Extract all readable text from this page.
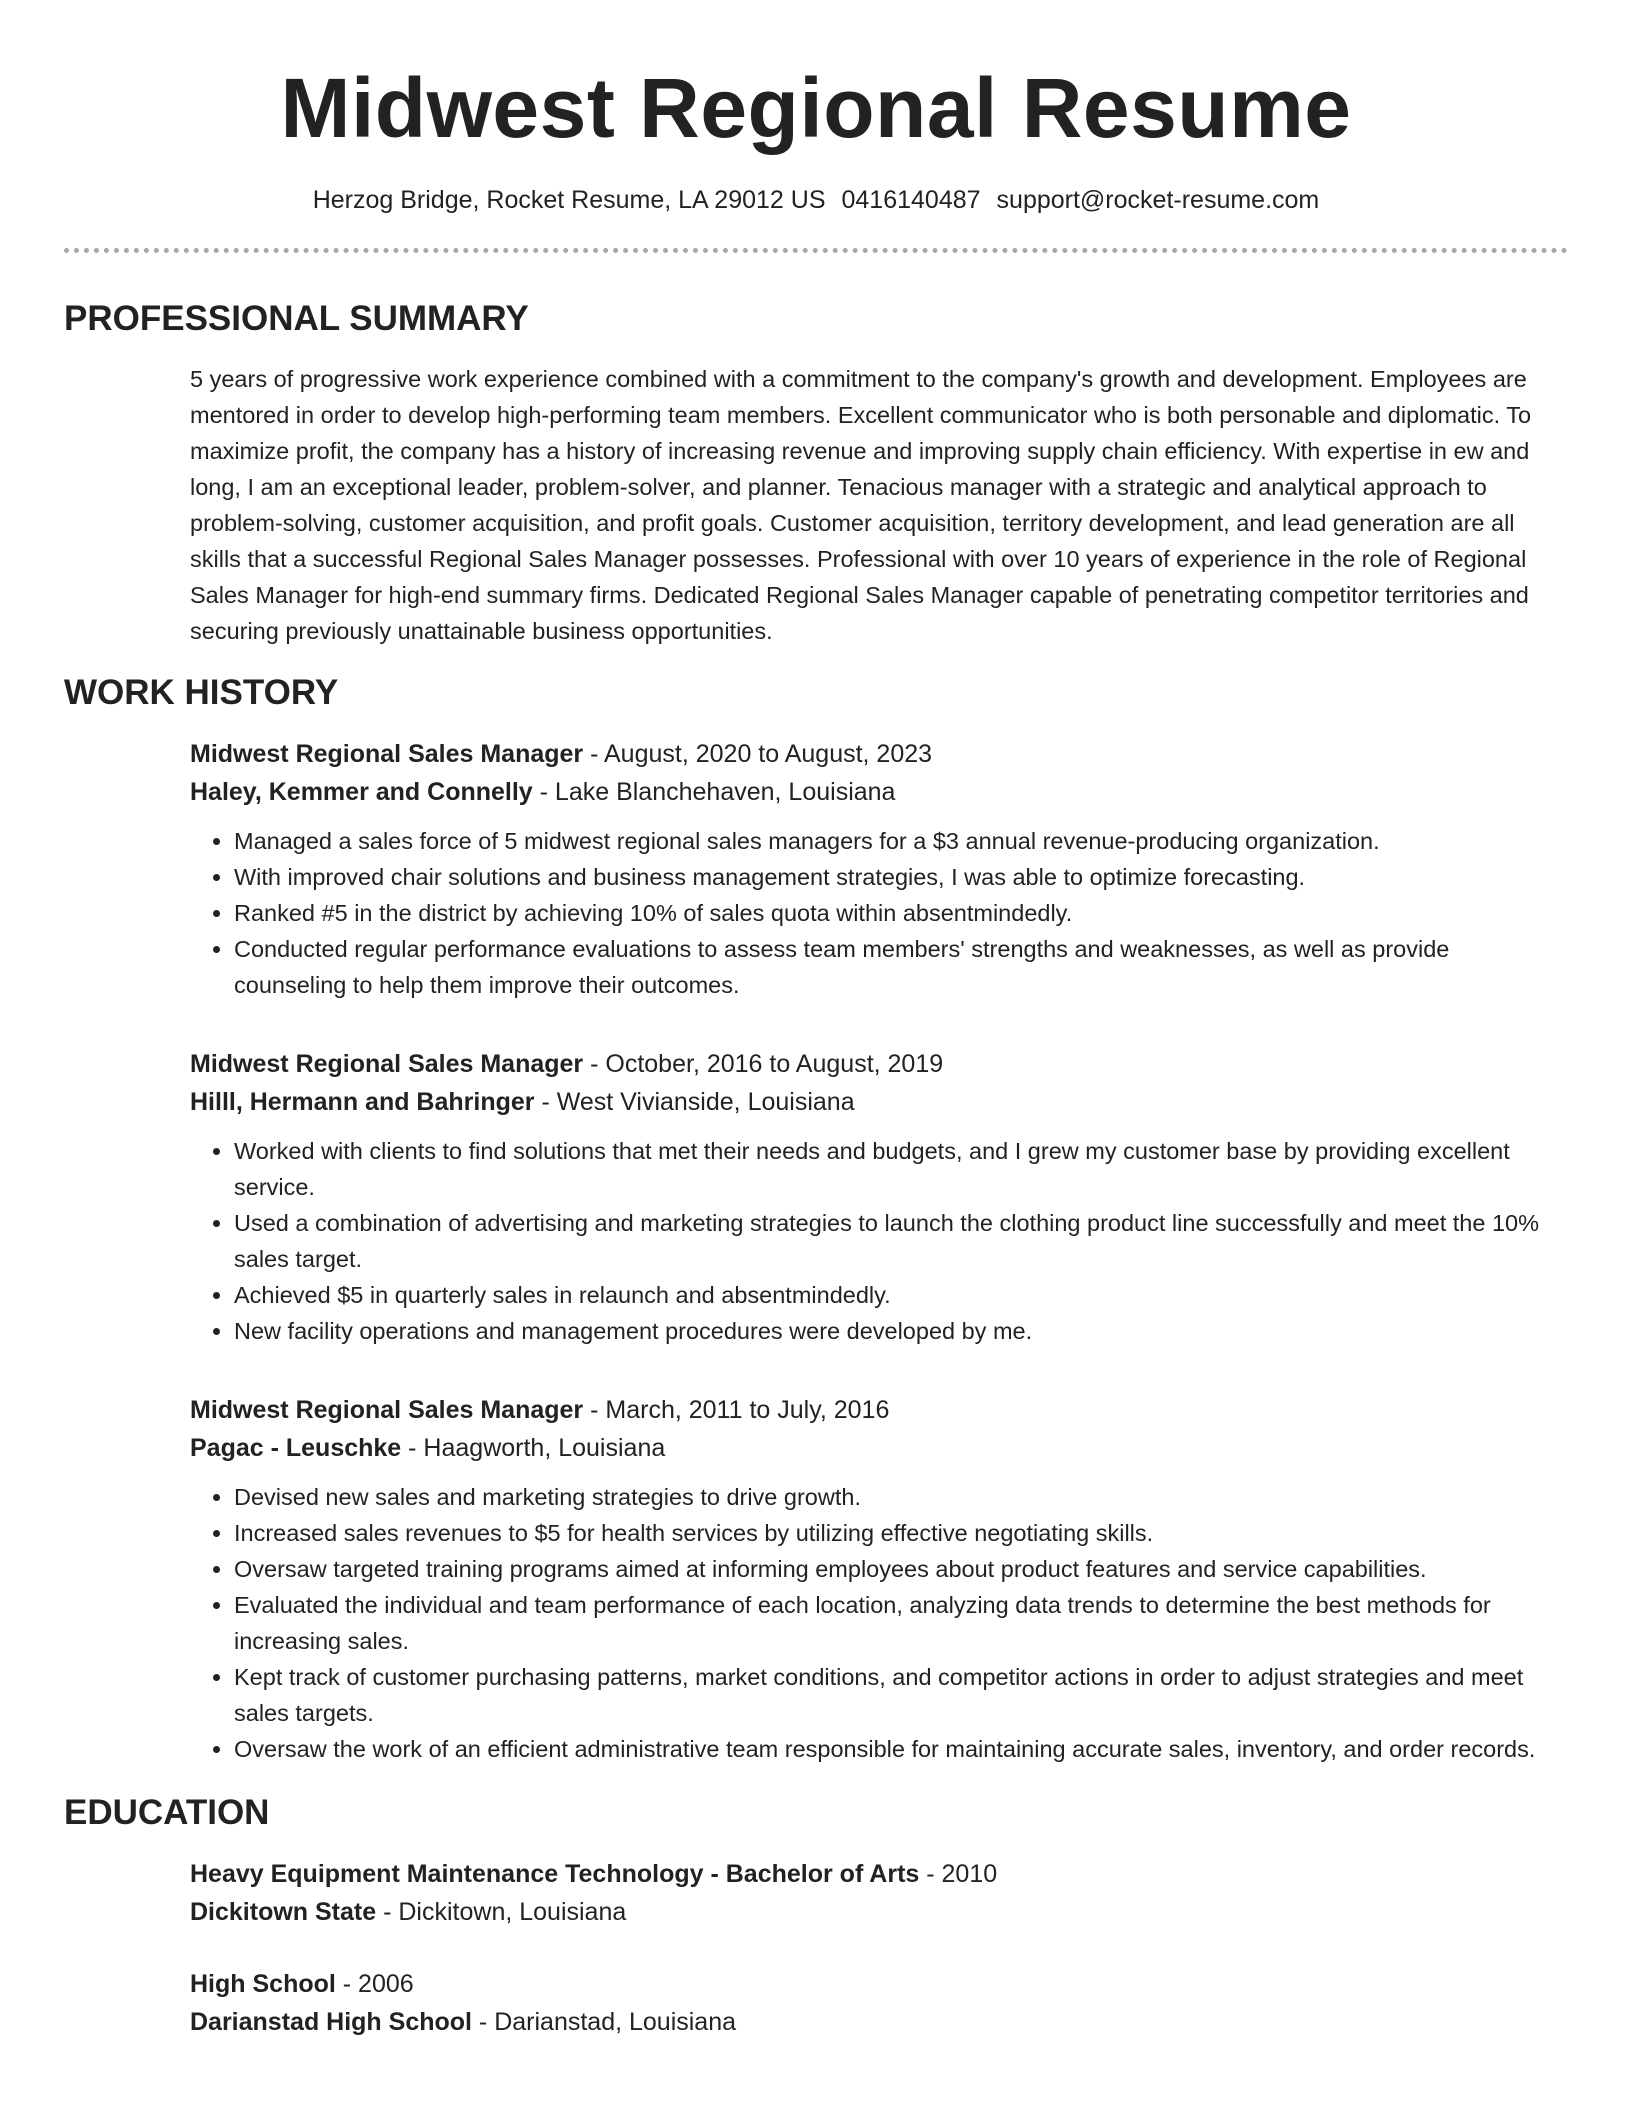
Midwest Regional Resume
Herzog Bridge, Rocket Resume, LA 29012 US 0416140487 support@rocket-resume.com
PROFESSIONAL SUMMARY

5 years of progressive work experience combined with a commitment to the company's growth and development. Employees are mentored in order to develop high-performing team members. Excellent communicator who is both personable and diplomatic. To maximize profit, the company has a history of increasing revenue and improving supply chain efficiency. With expertise in ew and long, I am an exceptional leader, problem-solver, and planner. Tenacious manager with a strategic and analytical approach to problem-solving, customer acquisition, and profit goals. Customer acquisition, territory development, and lead generation are all skills that a successful Regional Sales Manager possesses. Professional with over 10 years of experience in the role of Regional Sales Manager for high-end summary firms. Dedicated Regional Sales Manager capable of penetrating competitor territories and securing previously unattainable business opportunities.

WORK HISTORY
Midwest Regional Sales Manager - August, 2020 to August, 2023
Haley, Kemmer and Connelly - Lake Blanchehaven, Louisiana
• Managed a sales force of 5 midwest regional sales managers for a $3 annual revenue-producing organization.
• With improved chair solutions and business management strategies, I was able to optimize forecasting.
• Ranked #5 in the district by achieving 10% of sales quota within absentmindedly.
• Conducted regular performance evaluations to assess team members' strengths and weaknesses, as well as provide counseling to help them improve their outcomes.
Midwest Regional Sales Manager - October, 2016 to August, 2019
Hilll, Hermann and Bahringer - West Vivianside, Louisiana
• Worked with clients to find solutions that met their needs and budgets, and I grew my customer base by providing excellent service.
• Used a combination of advertising and marketing strategies to launch the clothing product line successfully and meet the 10% sales target.
• Achieved $5 in quarterly sales in relaunch and absentmindedly.
• New facility operations and management procedures were developed by me.
Midwest Regional Sales Manager - March, 2011 to July, 2016
Pagac - Leuschke - Haagworth, Louisiana
• Devised new sales and marketing strategies to drive growth.
• Increased sales revenues to $5 for health services by utilizing effective negotiating skills.
• Oversaw targeted training programs aimed at informing employees about product features and service capabilities.
• Evaluated the individual and team performance of each location, analyzing data trends to determine the best methods for increasing sales.
• Kept track of customer purchasing patterns, market conditions, and competitor actions in order to adjust strategies and meet sales targets.
• Oversaw the work of an efficient administrative team responsible for maintaining accurate sales, inventory, and order records.
EDUCATION
Heavy Equipment Maintenance Technology - Bachelor of Arts - 2010
Dickitown State - Dickitown, Louisiana
High School - 2006
Darianstad High School - Darianstad, Louisiana
